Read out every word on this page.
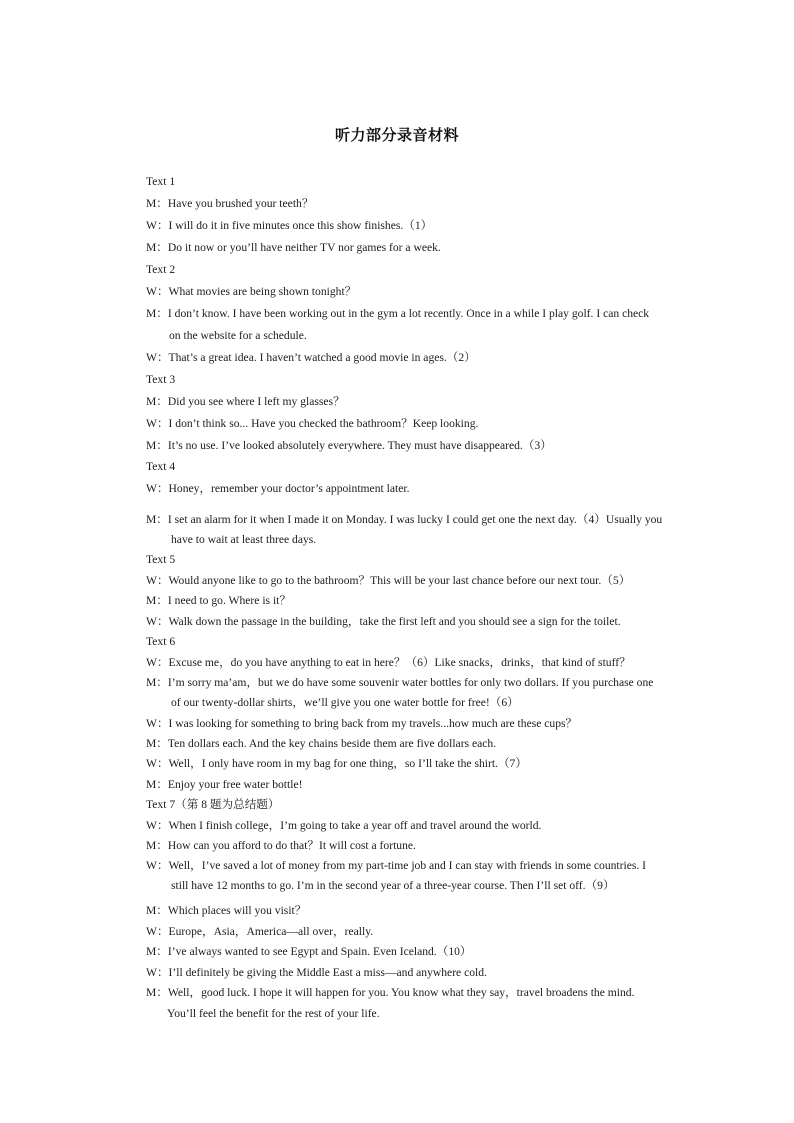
听力部分录音材料
Text 1
M：Have you brushed your teeth？
W：I will do it in five minutes once this show finishes.（1）
M：Do it now or you’ll have neither TV nor games for a week.
Text 2
W：What movies are being shown tonight？
M：I don’t know. I have been working out in the gym a lot recently. Once in a while I play golf. I can check
on the website for a schedule.
W：That’s a great idea. I haven’t watched a good movie in ages.（2）
Text 3
M：Did you see where I left my glasses？
W：I don’t think so... Have you checked the bathroom？Keep looking.
M：It’s no use. I’ve looked absolutely everywhere. They must have disappeared.（3）
Text 4
W：Honey，remember your doctor’s appointment later.
M：I set an alarm for it when I made it on Monday. I was lucky I could get one the next day.（4）Usually you
have to wait at least three days.
Text 5
W：Would anyone like to go to the bathroom？This will be your last chance before our next tour.（5）
M：I need to go. Where is it？
W：Walk down the passage in the building，take the first left and you should see a sign for the toilet.
Text 6
W：Excuse me，do you have anything to eat in here？（6）Like snacks，drinks，that kind of stuff？
M：I’m sorry ma’am，but we do have some souvenir water bottles for only two dollars. If you purchase one
of our twenty-dollar shirts，we’ll give you one water bottle for free!（6）
W：I was looking for something to bring back from my travels...how much are these cups？
M：Ten dollars each. And the key chains beside them are five dollars each.
W：Well，I only have room in my bag for one thing，so I’ll take the shirt.（7）
M：Enjoy your free water bottle!
Text 7（第 8 题为总结题）
W：When I finish college，I’m going to take a year off and travel around the world.
M：How can you afford to do that？It will cost a fortune.
W：Well，I’ve saved a lot of money from my part-time job and I can stay with friends in some countries. I
still have 12 months to go. I’m in the second year of a three-year course. Then I’ll set off.（9）
M：Which places will you visit？
W：Europe，Asia，America—all over，really.
M：I’ve always wanted to see Egypt and Spain. Even Iceland.（10）
W：I’ll definitely be giving the Middle East a miss—and anywhere cold.
M：Well，good luck. I hope it will happen for you. You know what they say，travel broadens the mind.
You’ll feel the benefit for the rest of your life.
